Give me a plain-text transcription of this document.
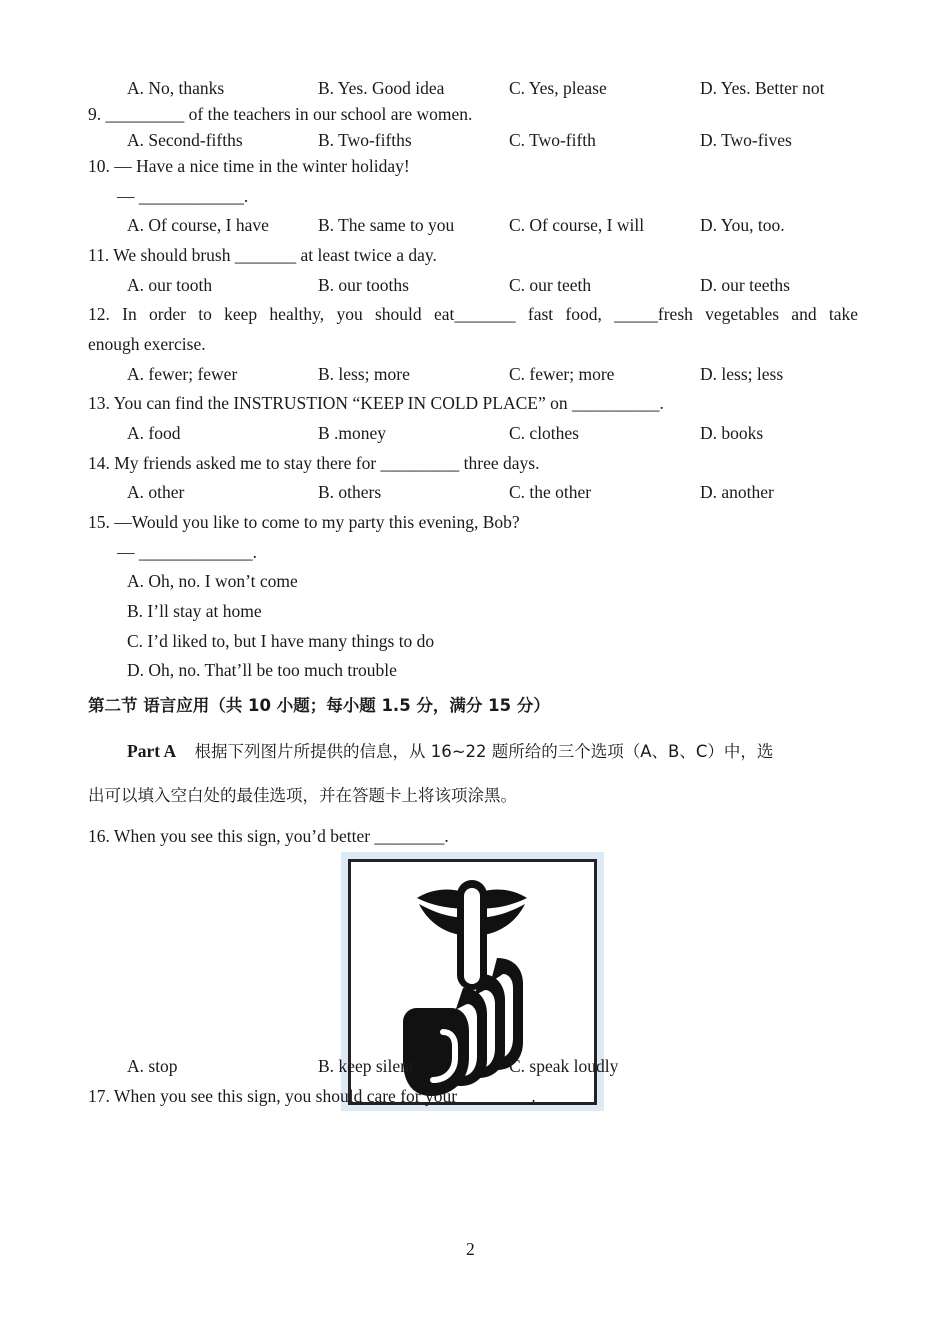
A. No, thanks	B. Yes. Good idea	C. Yes, please	D. Yes. Better not
9. _________ of the teachers in our school are women.
A. Second-fifths	B. Two-fifths	C. Two-fifth	D. Two-fives
10. — Have a nice time in the winter holiday!
— ____________.
A. Of course, I have	B. The same to you	C. Of course, I will	D. You, too.
11. We should brush _______ at least twice a day.
A. our tooth	B. our tooths	C. our teeth	D. our teeths
12. In order to keep healthy, you should eat_______ fast food, _____fresh vegetables and take
enough exercise.
A. fewer; fewer	B. less; more	C. fewer; more	D. less; less
13. You can find the INSTRUSTION “KEEP IN COLD PLACE” on __________.
A. food	B .money	C. clothes	D. books
14. My friends asked me to stay there for _________ three days.
A. other	B. others	C. the other	D. another
15. —Would you like to come to my party this evening, Bob?
— _____________.
A. Oh, no. I won’t come
B. I’ll stay at home
C. I’d liked to, but I have many things to do
D. Oh, no. That’ll be too much trouble
第二节 语言应用（共 10 小题；每小题 1.5 分，满分 15 分）
Part A 根据下列图片所提供的信息，从 16~22 题所给的三个选项（A、B、C）中，选
出可以填入空白处的最佳选项，并在答题卡上将该项涂黑。
16. When you see this sign, you’d better ________.
A. stop	B. keep silent	C. speak loudly
17. When you see this sign, you should care for your ________.
2
